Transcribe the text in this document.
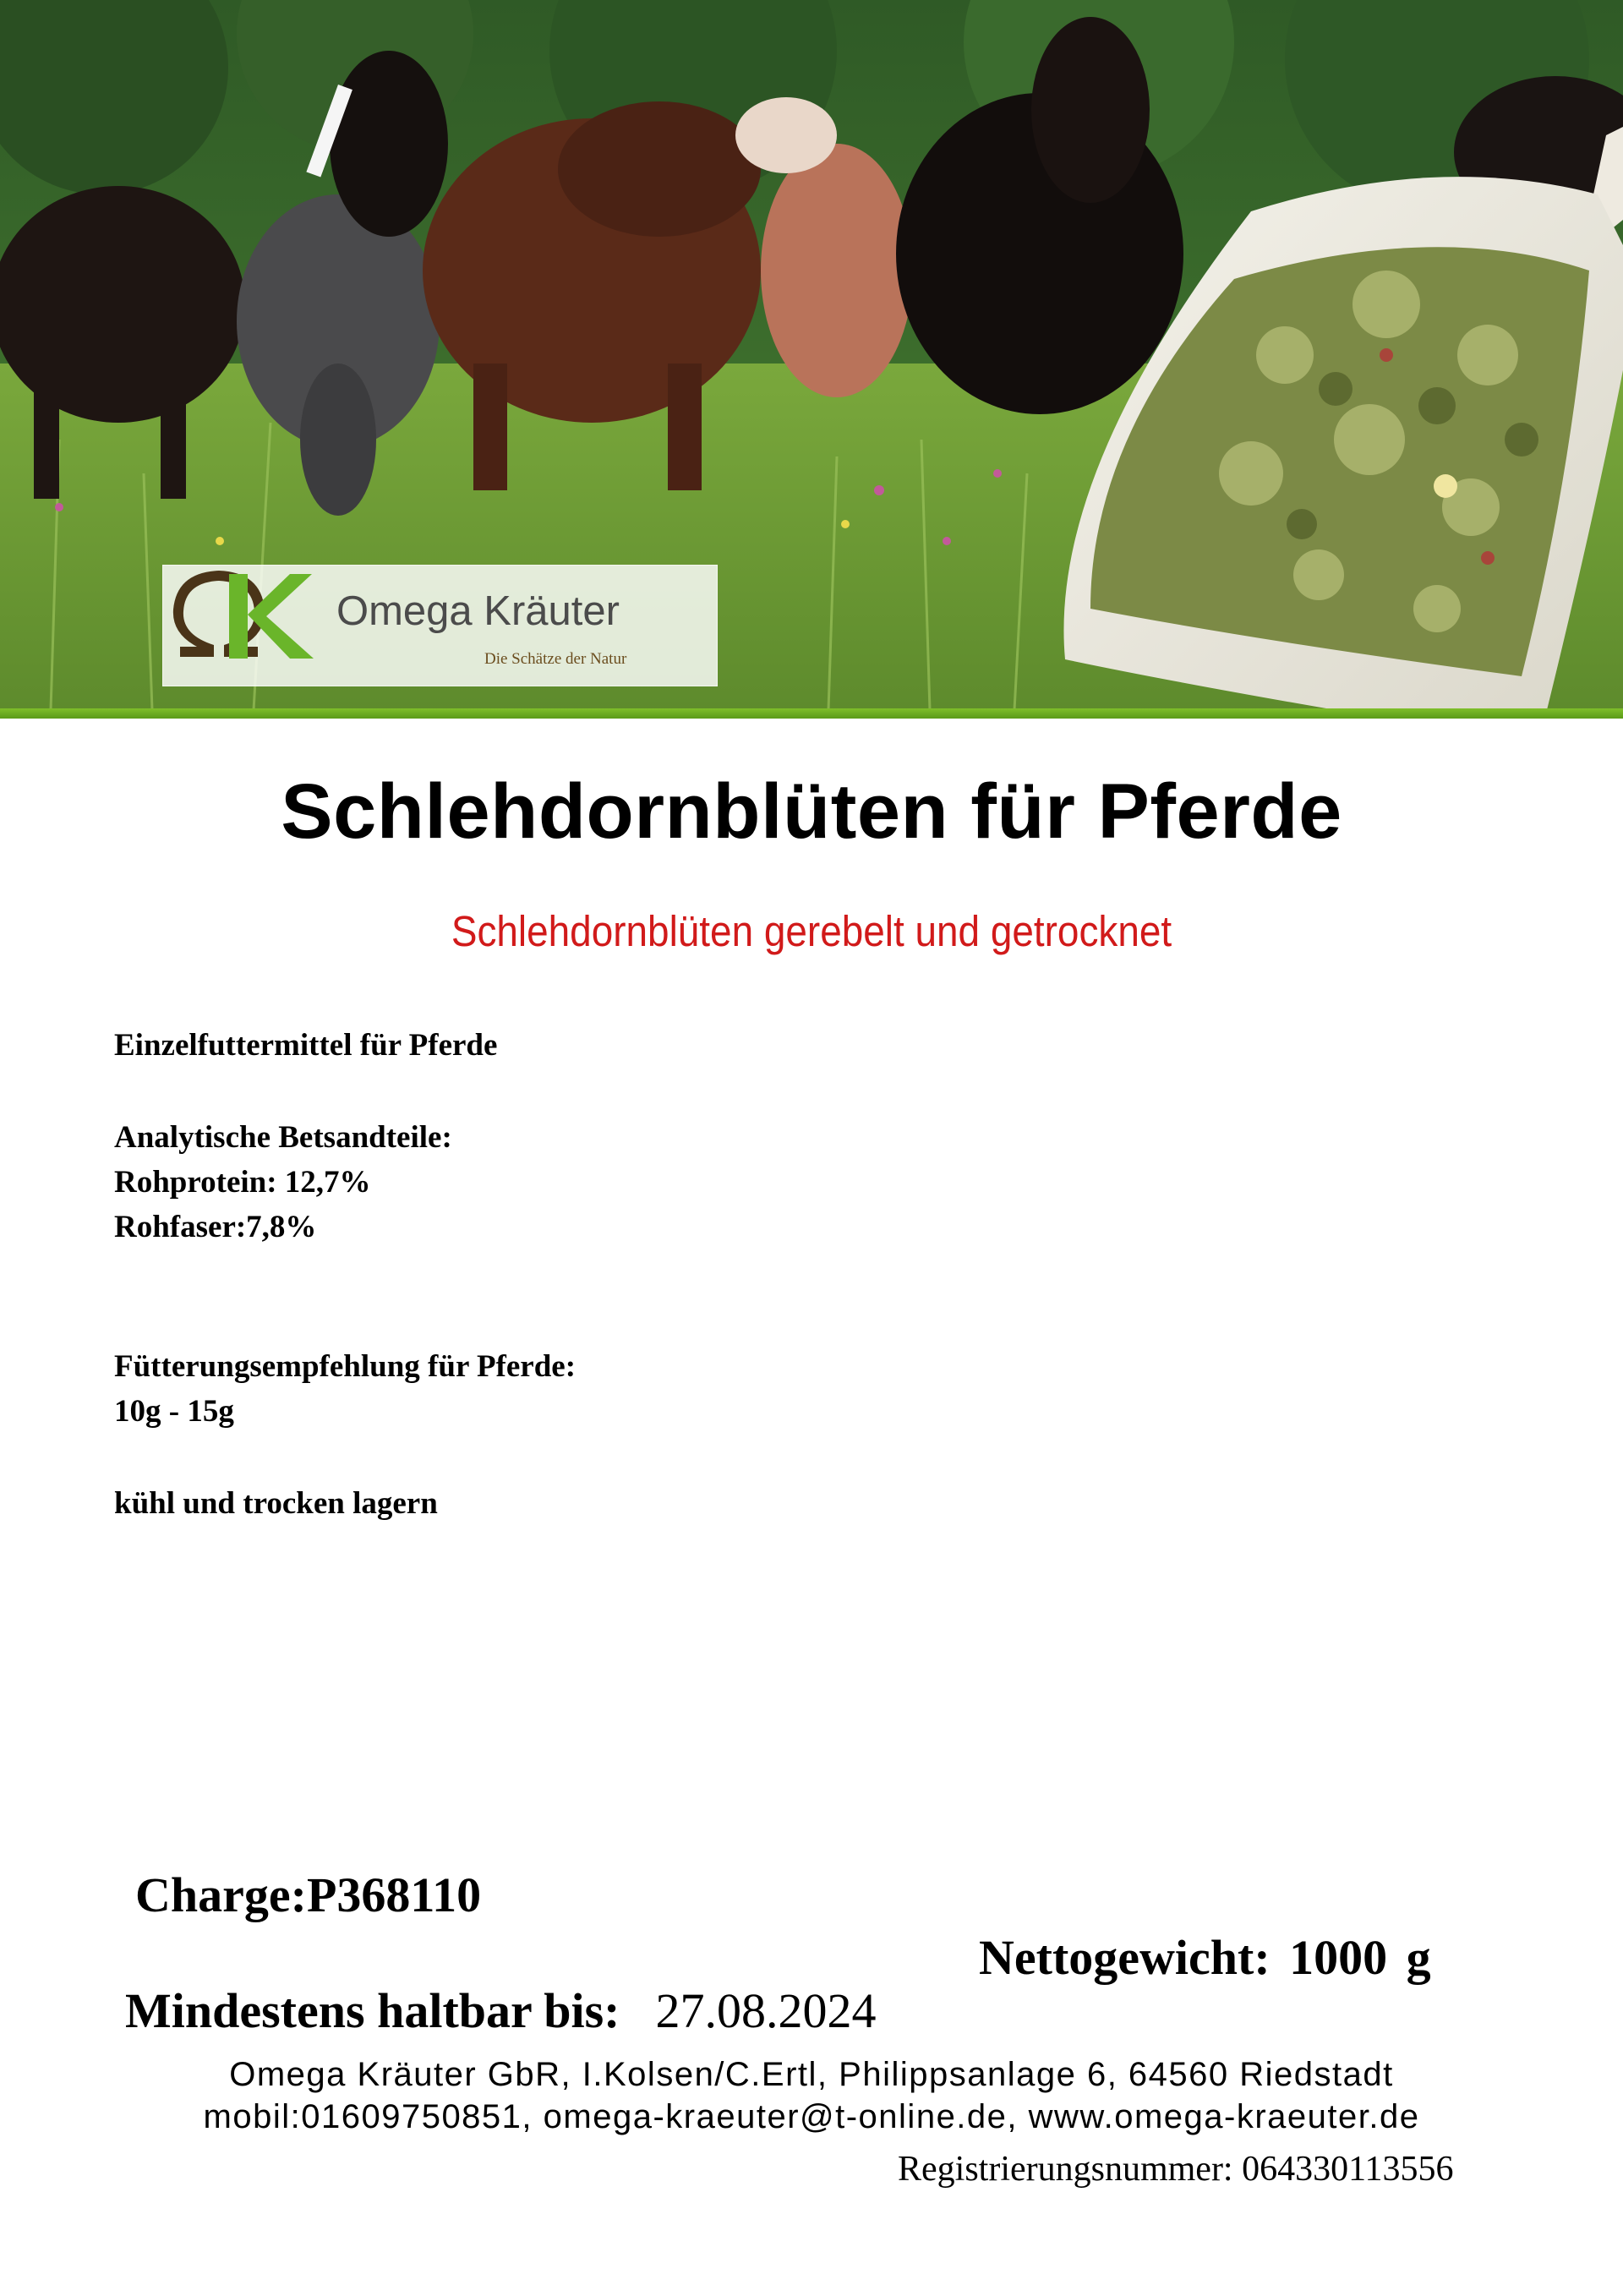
Omega Kräuter
Die Schätze der Natur
Schlehdornblüten für Pferde
Schlehdornblüten gerebelt und getrocknet
Einzelfuttermittel für Pferde
Analytische Betsandteile:
Rohprotein: 12,7%
Rohfaser:7,8%
Fütterungsempfehlung für Pferde:
10g - 15g
kühl und trocken lagern
Charge:P368110
Nettogewicht: 1000 g
Mindestens haltbar bis: 27.08.2024
Omega Kräuter GbR, I.Kolsen/C.Ertl, Philippsanlage 6, 64560 Riedstadt
mobil:01609750851, omega-kraeuter@t-online.de, www.omega-kraeuter.de
Registrierungsnummer: 064330113556
